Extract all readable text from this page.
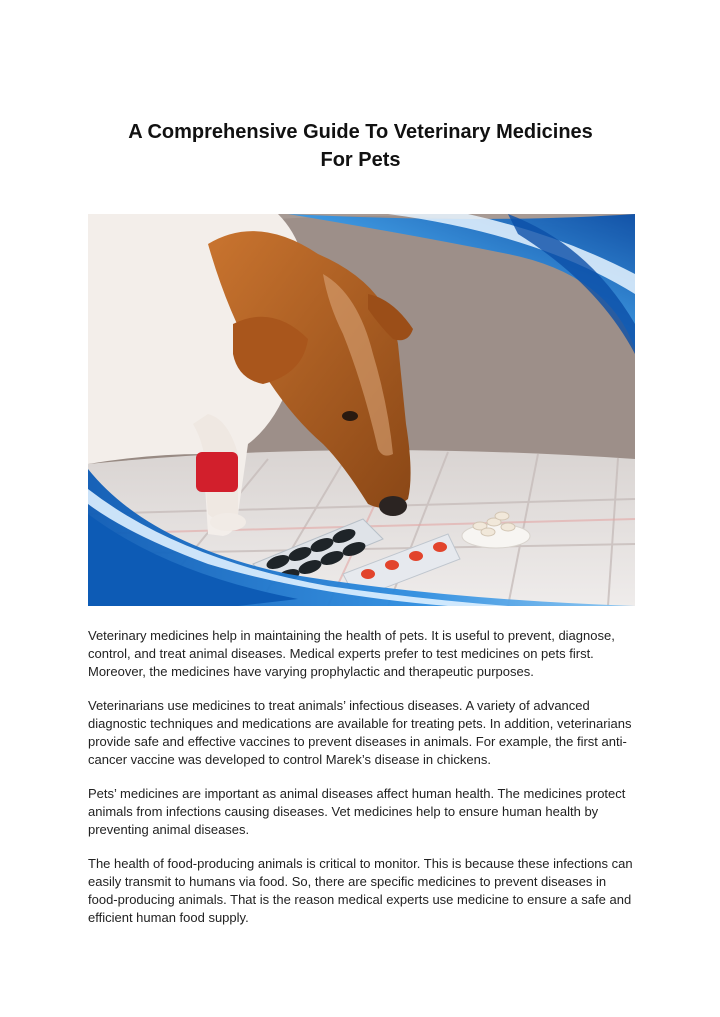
A Comprehensive Guide To Veterinary Medicines
For Pets

Veterinary medicines help in maintaining the health of pets. It is useful to prevent, diagnose, control, and treat animal diseases. Medical experts prefer to test medicines on pets first. Moreover, the medicines have varying prophylactic and therapeutic purposes.

Veterinarians use medicines to treat animals’ infectious diseases. A variety of advanced diagnostic techniques and medications are available for treating pets. In addition, veterinarians provide safe and effective vaccines to prevent diseases in animals. For example, the first anti-cancer vaccine was developed to control Marek’s disease in chickens.

Pets’ medicines are important as animal diseases affect human health. The medicines protect animals from infections causing diseases. Vet medicines help to ensure human health by preventing animal diseases.

The health of food-producing animals is critical to monitor. This is because these infections can easily transmit to humans via food. So, there are specific medicines to prevent diseases in food-producing animals. That is the reason medical experts use medicine to ensure a safe and efficient human food supply.
